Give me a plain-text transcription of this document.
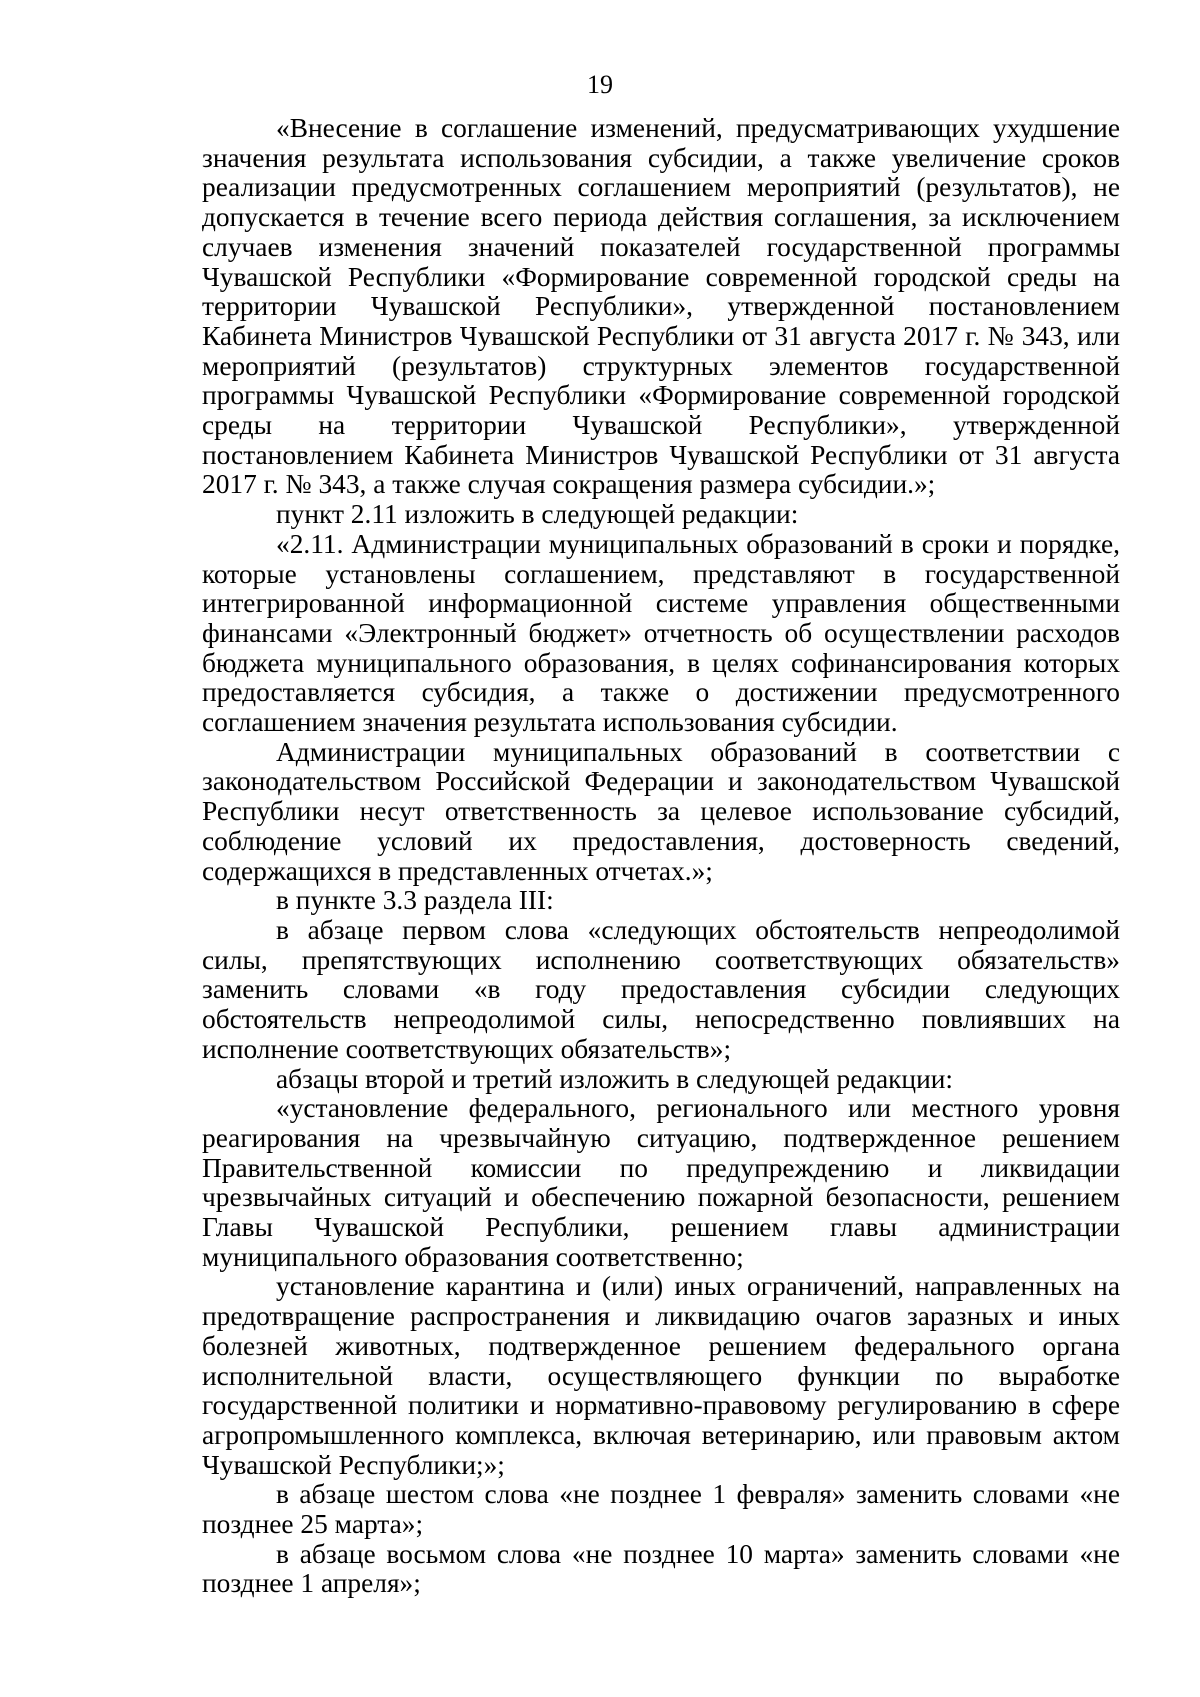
19

«Внесение в соглашение изменений, предусматривающих ухудшение значения результата использования субсидии, а также увеличение сроков реализации предусмотренных соглашением мероприятий (результатов), не допускается в течение всего периода действия соглашения, за исключением случаев изменения значений показателей государственной программы Чувашской Республики «Формирование современной городской среды на территории Чувашской Республики», утвержденной постановлением Кабинета Министров Чувашской Республики от 31 августа 2017 г. № 343, или мероприятий (результатов) структурных элементов государственной программы Чувашской Республики «Формирование современной городской среды на территории Чувашской Республики», утвержденной постановлением Кабинета Министров Чувашской Республики от 31 августа 2017 г. № 343, а также случая сокращения размера субсидии.»;

пункт 2.11 изложить в следующей редакции:

«2.11. Администрации муниципальных образований в сроки и порядке, которые установлены соглашением, представляют в государственной интегрированной информационной системе управления общественными финансами «Электронный бюджет» отчетность об осуществлении расходов бюджета муниципального образования, в целях софинансирования которых предоставляется субсидия, а также о достижении предусмотренного соглашением значения результата использования субсидии.

Администрации муниципальных образований в соответствии с законодательством Российской Федерации и законодательством Чувашской Республики несут ответственность за целевое использование субсидий, соблюдение условий их предоставления, достоверность сведений, содержащихся в представленных отчетах.»;

в пункте 3.3 раздела III:

в абзаце первом слова «следующих обстоятельств непреодолимой силы, препятствующих исполнению соответствующих обязательств» заменить словами «в году предоставления субсидии следующих обстоятельств непреодолимой силы, непосредственно повлиявших на исполнение соответствующих обязательств»;

абзацы второй и третий изложить в следующей редакции:

«установление федерального, регионального или местного уровня реагирования на чрезвычайную ситуацию, подтвержденное решением Правительственной комиссии по предупреждению и ликвидации чрезвычайных ситуаций и обеспечению пожарной безопасности, решением Главы Чувашской Республики, решением главы администрации муниципального образования соответственно;

установление карантина и (или) иных ограничений, направленных на предотвращение распространения и ликвидацию очагов заразных и иных болезней животных, подтвержденное решением федерального органа исполнительной власти, осуществляющего функции по выработке государственной политики и нормативно-правовому регулированию в сфере агропромышленного комплекса, включая ветеринарию, или правовым актом Чувашской Республики;»;

в абзаце шестом слова «не позднее 1 февраля» заменить словами «не позднее 25 марта»;

в абзаце восьмом слова «не позднее 10 марта» заменить словами «не позднее 1 апреля»;
